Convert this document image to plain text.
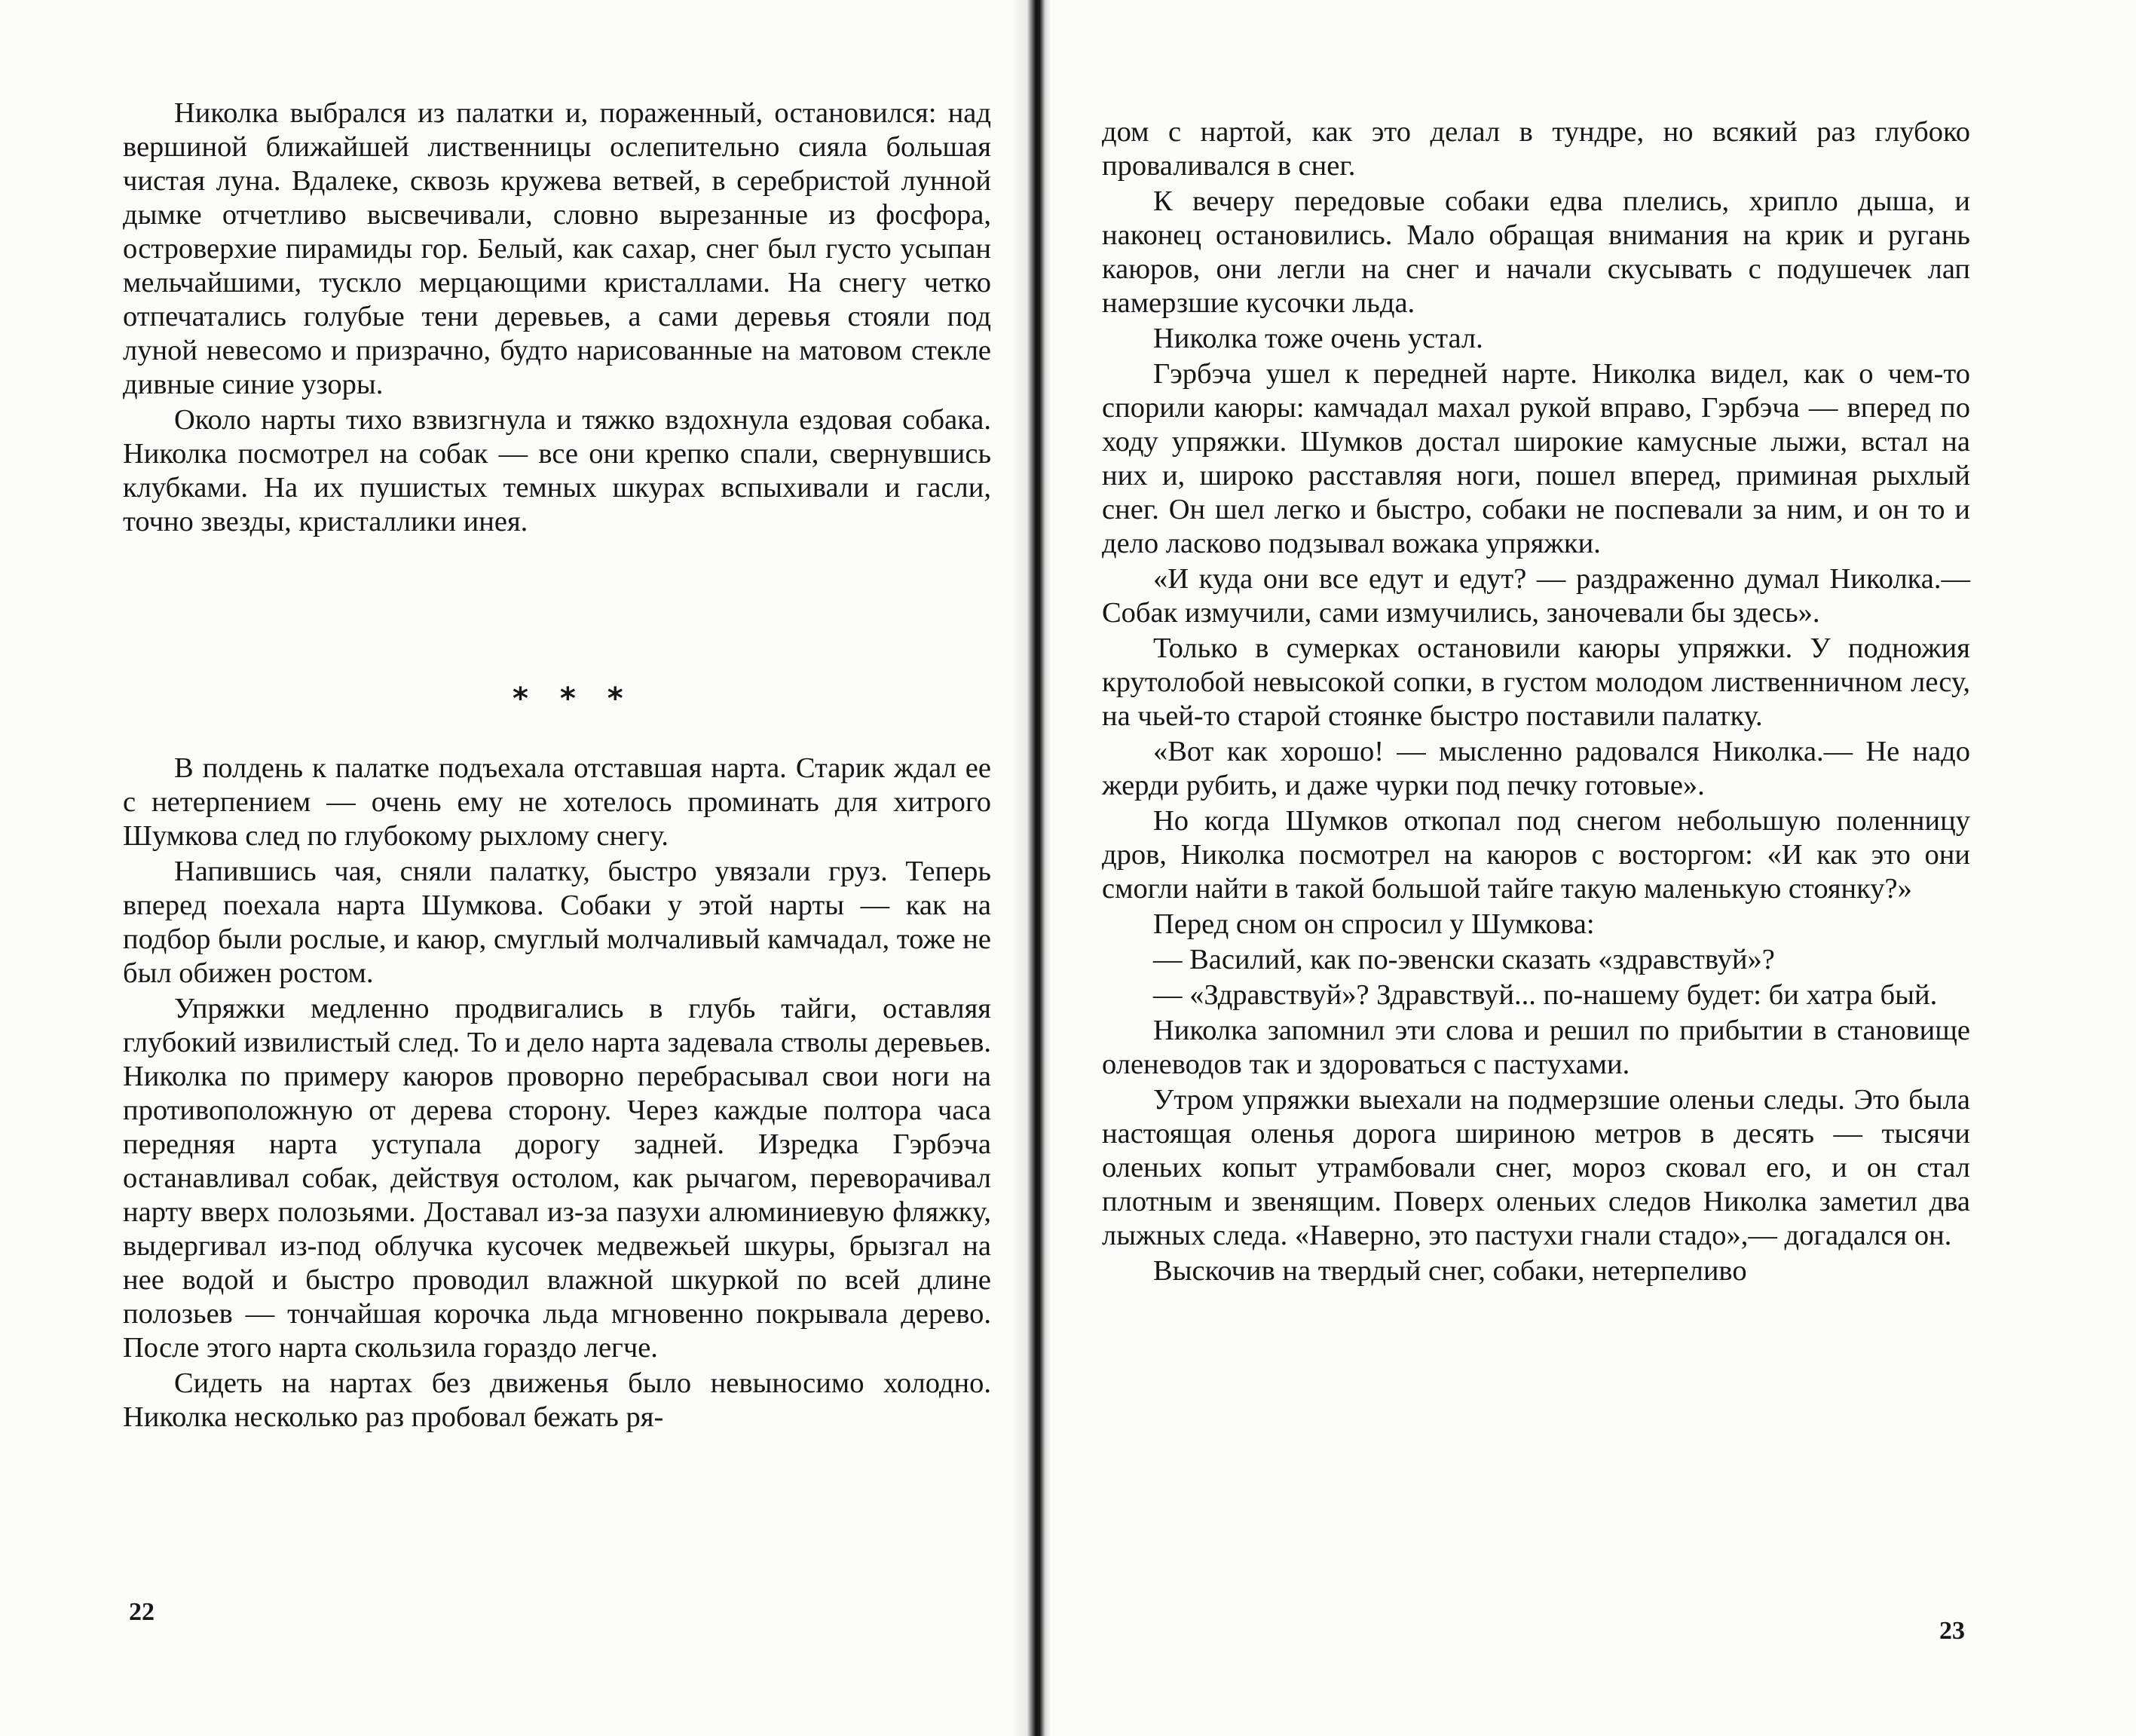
Николка выбрался из палатки и, пораженный, остановился: над вершиной ближайшей лиственницы ослепительно сияла большая чистая луна. Вдалеке, сквозь кружева ветвей, в серебристой лунной дымке отчетливо высвечивали, словно вырезанные из фосфора, островерхие пирамиды гор. Белый, как сахар, снег был густо усыпан мельчайшими, тускло мерцающими кристаллами. На снегу четко отпечатались голубые тени деревьев, а сами деревья стояли под луной невесомо и призрачно, будто нарисованные на матовом стекле дивные синие узоры.

Около нарты тихо взвизгнула и тяжко вздохнула ездовая собака. Николка посмотрел на собак — все они крепко спали, свернувшись клубками. На их пушистых темных шкурах вспыхивали и гасли, точно звезды, кристаллики инея.

* * *

В полдень к палатке подъехала отставшая нарта. Старик ждал ее с нетерпением — очень ему не хотелось проминать для хитрого Шумкова след по глубокому рыхлому снегу.

Напившись чая, сняли палатку, быстро увязали груз. Теперь вперед поехала нарта Шумкова. Собаки у этой нарты — как на подбор были рослые, и каюр, смуглый молчаливый камчадал, тоже не был обижен ростом.

Упряжки медленно продвигались в глубь тайги, оставляя глубокий извилистый след. То и дело нарта задевала стволы деревьев. Николка по примеру каюров проворно перебрасывал свои ноги на противоположную от дерева сторону. Через каждые полтора часа передняя нарта уступала дорогу задней. Изредка Гэрбэча останавливал собак, действуя остолом, как рычагом, переворачивал нарту вверх полозьями. Доставал из-за пазухи алюминиевую фляжку, выдергивал из-под облучка кусочек медвежьей шкуры, брызгал на нее водой и быстро проводил влажной шкуркой по всей длине полозьев — тончайшая корочка льда мгновенно покрывала дерево. После этого нарта скользила гораздо легче.

Сидеть на нартах без движенья было невыносимо холодно. Николка несколько раз пробовал бежать ря-

22

дом с нартой, как это делал в тундре, но всякий раз глубоко проваливался в снег.

К вечеру передовые собаки едва плелись, хрипло дыша, и наконец остановились. Мало обращая внимания на крик и ругань каюров, они легли на снег и начали скусывать с подушечек лап намерзшие кусочки льда.

Николка тоже очень устал.

Гэрбэча ушел к передней нарте. Николка видел, как о чем-то спорили каюры: камчадал махал рукой вправо, Гэрбэча — вперед по ходу упряжки. Шумков достал широкие камусные лыжи, встал на них и, широко расставляя ноги, пошел вперед, приминая рыхлый снег. Он шел легко и быстро, собаки не поспевали за ним, и он то и дело ласково подзывал вожака упряжки.

«И куда они все едут и едут? — раздраженно думал Николка.— Собак измучили, сами измучились, заночевали бы здесь».

Только в сумерках остановили каюры упряжки. У подножия крутолобой невысокой сопки, в густом молодом лиственничном лесу, на чьей-то старой стоянке быстро поставили палатку.

«Вот как хорошо! — мысленно радовался Николка.— Не надо жерди рубить, и даже чурки под печку готовые».

Но когда Шумков откопал под снегом небольшую поленницу дров, Николка посмотрел на каюров с восторгом: «И как это они смогли найти в такой большой тайге такую маленькую стоянку?»

Перед сном он спросил у Шумкова:

— Василий, как по-эвенски сказать «здравствуй»?

— «Здравствуй»? Здравствуй... по-нашему будет: би хатра бый.

Николка запомнил эти слова и решил по прибытии в становище оленеводов так и здороваться с пастухами.

Утром упряжки выехали на подмерзшие оленьи следы. Это была настоящая оленья дорога шириною метров в десять — тысячи оленьих копыт утрамбовали снег, мороз сковал его, и он стал плотным и звенящим. Поверх оленьих следов Николка заметил два лыжных следа. «Наверно, это пастухи гнали стадо»,— догадался он.

Выскочив на твердый снег, собаки, нетерпеливо

23
